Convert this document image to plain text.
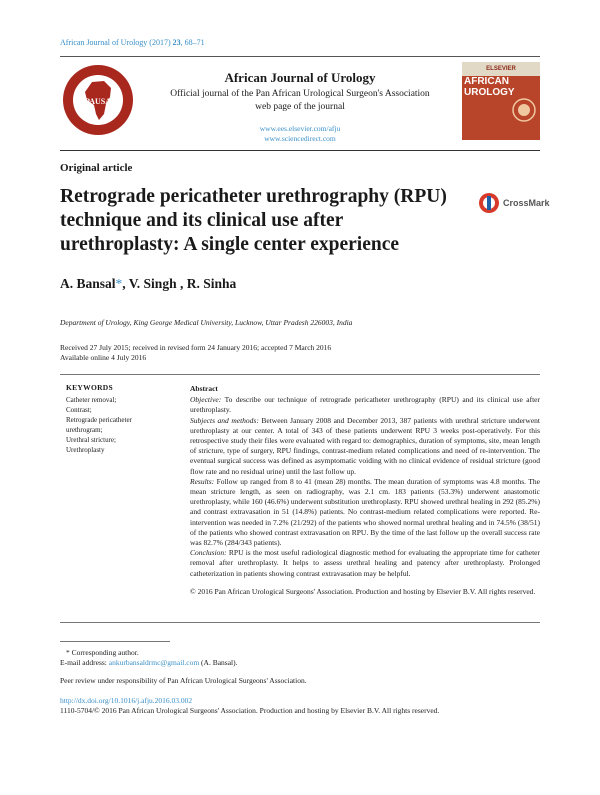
African Journal of Urology (2017) 23, 68–71
PAUSA
African Journal of Urology
Official journal of the Pan African Urological Surgeon's Association
web page of the journal
www.ees.elsevier.com/afju
www.sciencedirect.com
ELSEVIER
AFRICAN
UROLOGY
Original article
Retrograde pericatheter urethrography (RPU) technique and its clinical use after urethroplasty: A single center experience
CrossMark
A. Bansal*, V. Singh , R. Sinha
Department of Urology, King George Medical University, Lucknow, Uttar Pradesh 226003, India
Received 27 July 2015; received in revised form 24 January 2016; accepted 7 March 2016
Available online 4 July 2016
KEYWORDS
Catheter removal;
Contrast;
Retrograde pericatheter
urethrogram;
Urethral stricture;
Urethroplasty
Abstract

Objective: To describe our technique of retrograde pericatheter urethrography (RPU) and its clinical use after urethroplasty.

Subjects and methods: Between January 2008 and December 2013, 387 patients with urethral stricture underwent urethroplasty at our center. A total of 343 of these patients underwent RPU 3 weeks post-operatively. For this retrospective study their files were evaluated with regard to: demographics, duration of symptoms, site, mean length of stricture, type of surgery, RPU findings, contrast-medium related complications and need of re-intervention. The eventual surgical success was defined as asymptomatic voiding with no clinical evidence of residual stricture (good flow rate and no residual urine) until the last follow up.

Results: Follow up ranged from 8 to 41 (mean 28) months. The mean duration of symptoms was 4.8 months. The mean stricture length, as seen on radiography, was 2.1 cm. 183 patients (53.3%) underwent anastomotic urethroplasty, while 160 (46.6%) underwent substitution urethroplasty. RPU showed urethral healing in 292 (85.2%) and contrast extravasation in 51 (14.8%) patients. No contrast-medium related complications were reported. Re-intervention was needed in 7.2% (21/292) of the patients who showed normal urethral healing and in 74.5% (38/51) of the patients who showed contrast extravasation on RPU. By the time of the last follow up the overall success rate was 82.7% (284/343 patients).

Conclusion: RPU is the most useful radiological diagnostic method for evaluating the appropriate time for catheter removal after urethroplasty. It helps to assess urethral healing and patency after urethroplasty. Prolonged catheterization in patients showing contrast extravasation may be helpful.

© 2016 Pan African Urological Surgeons' Association. Production and hosting by Elsevier B.V. All rights reserved.

* Corresponding author.
E-mail address: ankurbansaldrmc@gmail.com (A. Bansal).
Peer review under responsibility of Pan African Urological Surgeons' Association.
http://dx.doi.org/10.1016/j.afju.2016.03.002
1110-5704/© 2016 Pan African Urological Surgeons' Association. Production and hosting by Elsevier B.V. All rights reserved.
